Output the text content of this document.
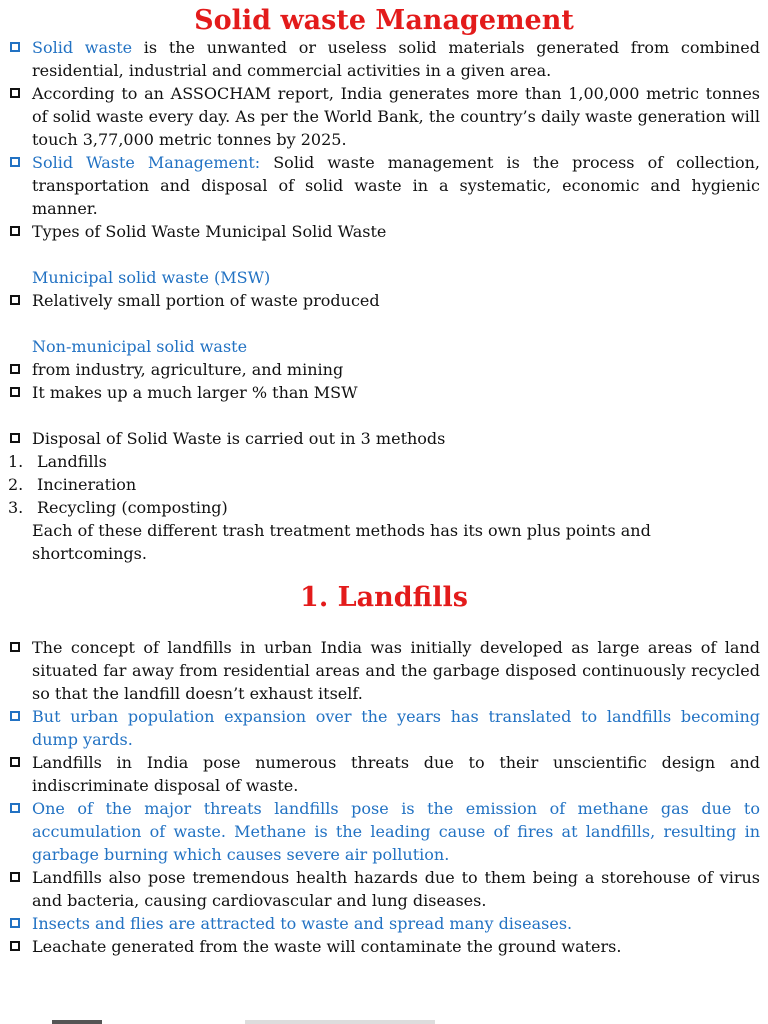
Solid waste Management
Solid waste is the unwanted or useless solid materials generated from combined residential, industrial and commercial activities in a given area.
According to an ASSOCHAM report, India generates more than 1,00,000 metric tonnes of solid waste every day. As per the World Bank, the country’s daily waste generation will touch 3,77,000 metric tonnes by 2025.
Solid Waste Management: Solid waste management is the process of collection, transportation and disposal of solid waste in a systematic, economic and hygienic manner.
Types of Solid Waste Municipal Solid Waste
Municipal solid waste (MSW)
Relatively small portion of waste produced
Non-municipal solid waste
from industry, agriculture, and mining
It makes up a much larger % than MSW
Disposal of Solid Waste is carried out in 3 methods
1. Landfills
2. Incineration
3. Recycling (composting)
Each of these different trash treatment methods has its own plus points and shortcomings.
1. Landfills
The concept of landfills in urban India was initially developed as large areas of land situated far away from residential areas and the garbage disposed continuously recycled so that the landfill doesn’t exhaust itself.
But urban population expansion over the years has translated to landfills becoming dump yards.
Landfills in India pose numerous threats due to their unscientific design and indiscriminate disposal of waste.
One of the major threats landfills pose is the emission of methane gas due to accumulation of waste. Methane is the leading cause of fires at landfills, resulting in garbage burning which causes severe air pollution.
Landfills also pose tremendous health hazards due to them being a storehouse of virus and bacteria, causing cardiovascular and lung diseases.
Insects and flies are attracted to waste and spread many diseases.
Leachate generated from the waste will contaminate the ground waters.
